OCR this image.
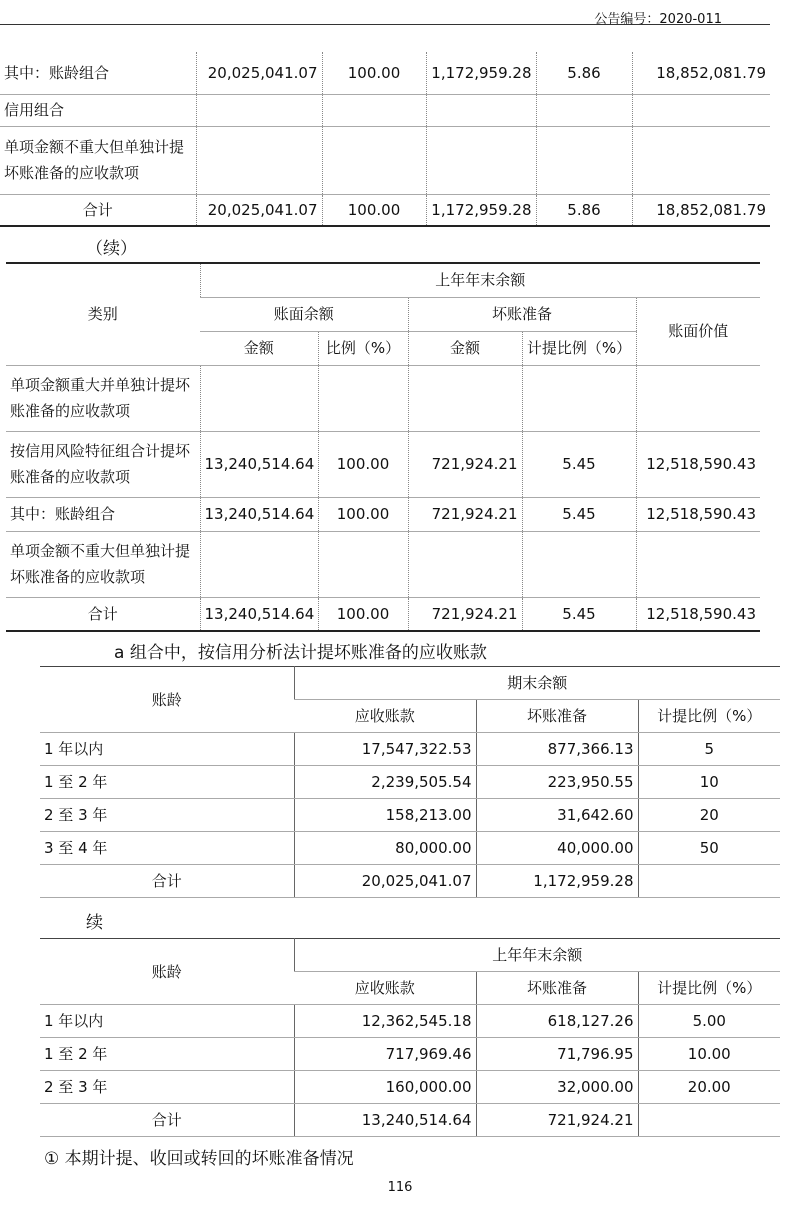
公告编号：2020-011
其中：账龄组合	20,025,041.07	100.00	1,172,959.28	5.86	18,852,081.79
信用组合					
单项金额不重大但单独计提坏账准备的应收款项					
合计	20,025,041.07	100.00	1,172,959.28	5.86	18,852,081.79
（续）
类别	上年年末余额				
	账面余额		坏账准备		账面价值
	金额	比例（%）	金额	计提比例（%）	
单项金额重大并单独计提坏账准备的应收款项					
按信用风险特征组合计提坏账准备的应收款项	13,240,514.64	100.00	721,924.21	5.45	12,518,590.43
其中：账龄组合	13,240,514.64	100.00	721,924.21	5.45	12,518,590.43
单项金额不重大但单独计提坏账准备的应收款项					
合计	13,240,514.64	100.00	721,924.21	5.45	12,518,590.43
a 组合中，按信用分析法计提坏账准备的应收账款
账龄	期末余额		
	应收账款	坏账准备	计提比例（%）
1 年以内	17,547,322.53	877,366.13	5
1 至 2 年	2,239,505.54	223,950.55	10
2 至 3 年	158,213.00	31,642.60	20
3 至 4 年	80,000.00	40,000.00	50
合计	20,025,041.07	1,172,959.28	
续
账龄	上年年末余额		
	应收账款	坏账准备	计提比例（%）
1 年以内	12,362,545.18	618,127.26	5.00
1 至 2 年	717,969.46	71,796.95	10.00
2 至 3 年	160,000.00	32,000.00	20.00
合计	13,240,514.64	721,924.21	
① 本期计提、收回或转回的坏账准备情况
116
